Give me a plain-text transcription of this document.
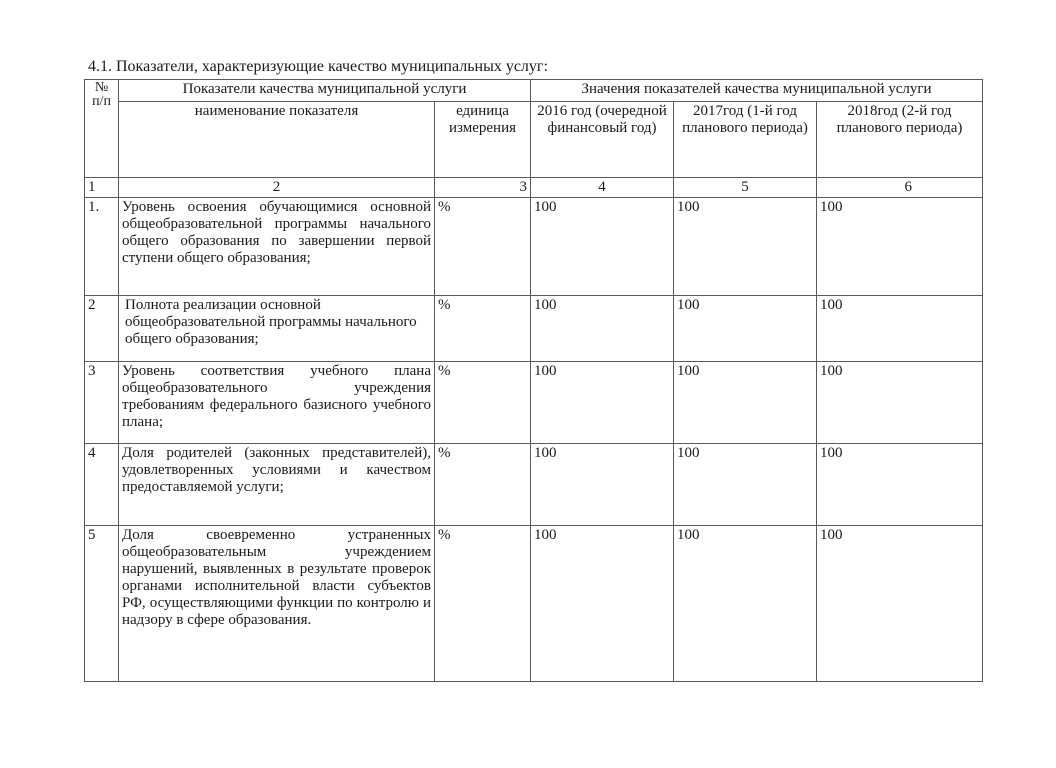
4.1. Показатели, характеризующие качество муниципальных услуг:
№ п/п	Показатели качества муниципальной услуги		Значения показателей качества муниципальной услуги		
	наименование показателя	единица измерения	2016 год (очередной финансовый год)	2017год (1-й год планового периода)	2018год (2-й год планового периода)
1	2	3	4	5	6
1.	Уровень освоения обучающимися основной общеобразовательной программы начального общего образования по завершении первой ступени общего образования;	%	100	100	100
2	Полнота реализации основной общеобразовательной программы начального общего образования;	%	100	100	100
3	Уровень соответствия учебного плана общеобразовательного учреждения требованиям федерального базисного учебного плана;	%	100	100	100
4	Доля родителей (законных представителей), удовлетворенных условиями и качеством предоставляемой услуги;	%	100	100	100
5	Доля своевременно устраненных общеобразовательным учреждением нарушений, выявленных в результате проверок органами исполнительной власти субъектов РФ, осуществляющими функции по контролю и надзору в сфере образования.	%	100	100	100
